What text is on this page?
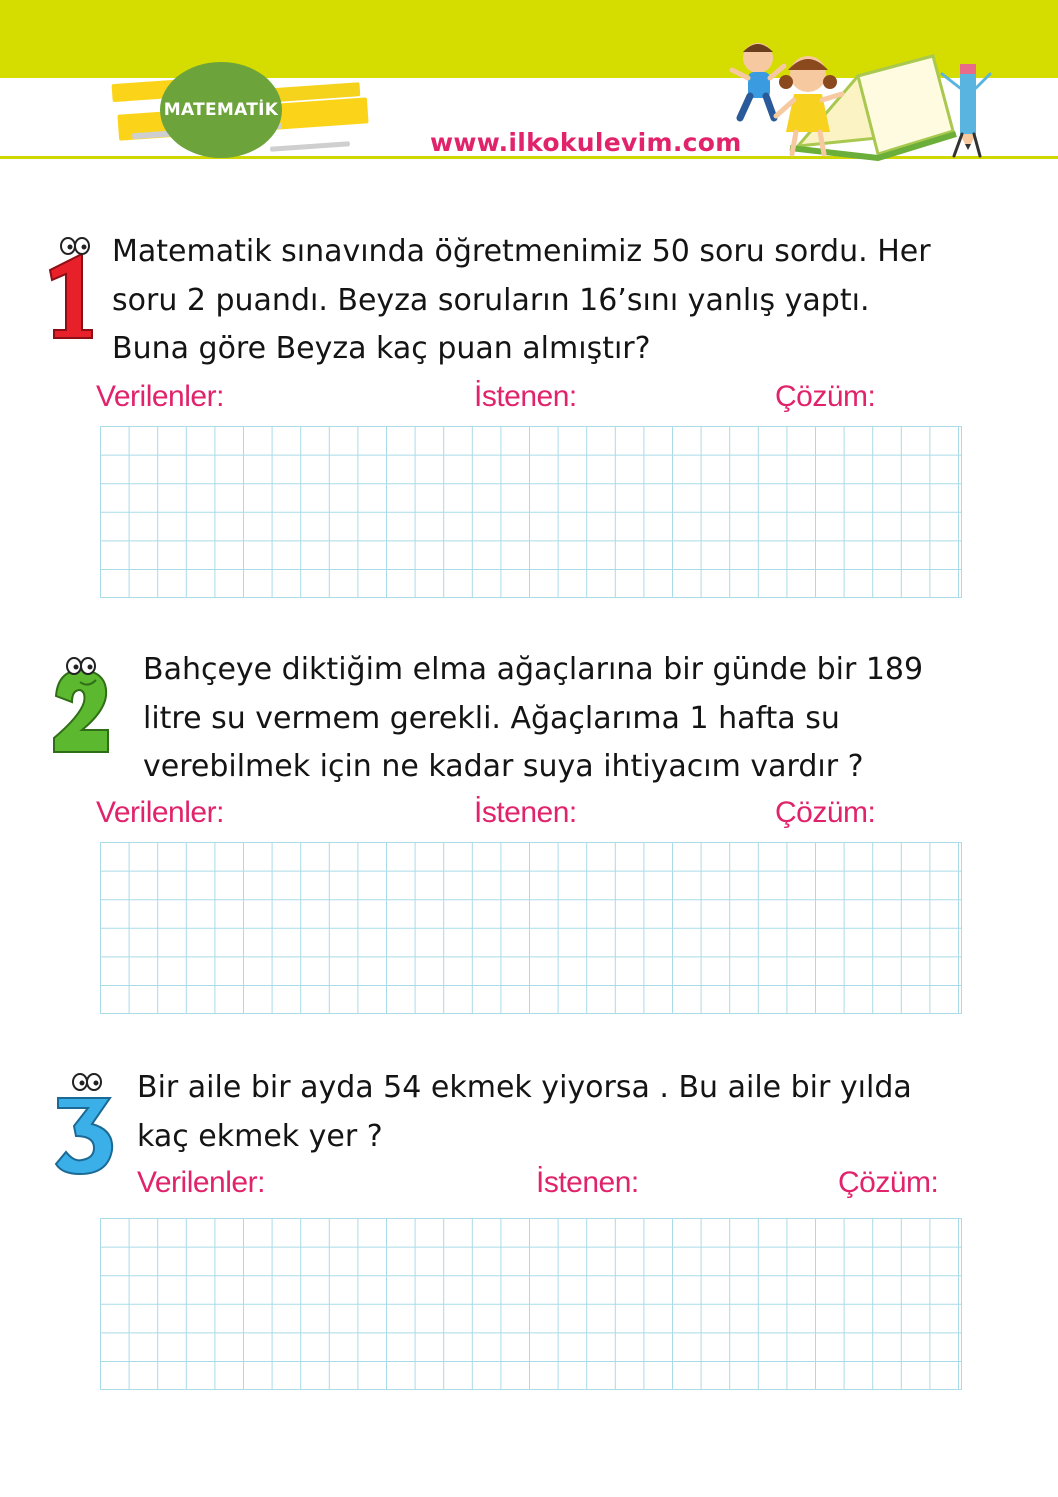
MATEMATİK
www.ilkokulevim.com
Matematik sınavında öğretmenimiz 50 soru sordu. Her
soru 2 puandı. Beyza soruların 16’sını yanlış yaptı.
Buna göre Beyza kaç puan almıştır?
Verilenler:	İstenen:	Çözüm:
Bahçeye diktiğim elma ağaçlarına bir günde bir 189
litre su vermem gerekli. Ağaçlarıma 1 hafta su
verebilmek için ne kadar suya ihtiyacım vardır ?
Verilenler:	İstenen:	Çözüm:
Bir aile bir ayda 54 ekmek yiyorsa . Bu aile bir yılda
kaç ekmek yer ?
Verilenler:	İstenen:	Çözüm:
